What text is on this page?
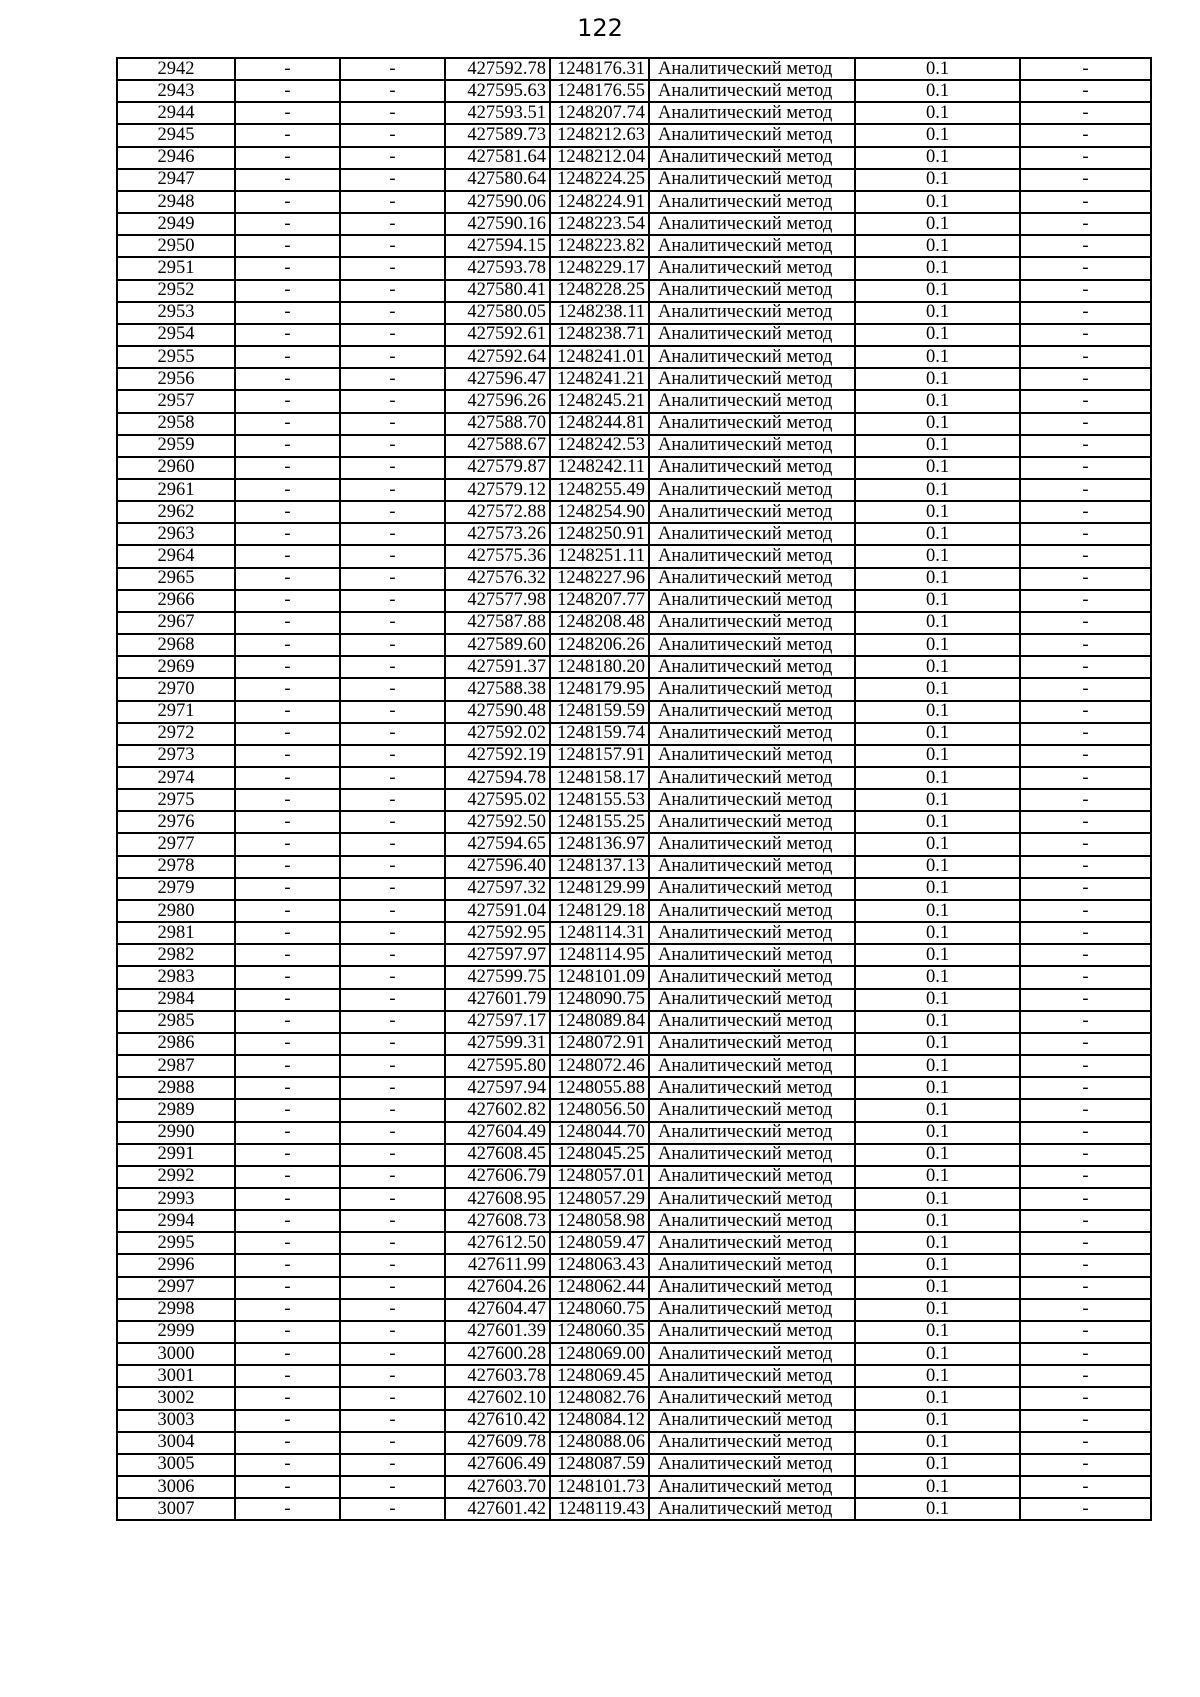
122
2942	-	-	427592.78	1248176.31	Аналитический метод	0.1	-
2943	-	-	427595.63	1248176.55	Аналитический метод	0.1	-
2944	-	-	427593.51	1248207.74	Аналитический метод	0.1	-
2945	-	-	427589.73	1248212.63	Аналитический метод	0.1	-
2946	-	-	427581.64	1248212.04	Аналитический метод	0.1	-
2947	-	-	427580.64	1248224.25	Аналитический метод	0.1	-
2948	-	-	427590.06	1248224.91	Аналитический метод	0.1	-
2949	-	-	427590.16	1248223.54	Аналитический метод	0.1	-
2950	-	-	427594.15	1248223.82	Аналитический метод	0.1	-
2951	-	-	427593.78	1248229.17	Аналитический метод	0.1	-
2952	-	-	427580.41	1248228.25	Аналитический метод	0.1	-
2953	-	-	427580.05	1248238.11	Аналитический метод	0.1	-
2954	-	-	427592.61	1248238.71	Аналитический метод	0.1	-
2955	-	-	427592.64	1248241.01	Аналитический метод	0.1	-
2956	-	-	427596.47	1248241.21	Аналитический метод	0.1	-
2957	-	-	427596.26	1248245.21	Аналитический метод	0.1	-
2958	-	-	427588.70	1248244.81	Аналитический метод	0.1	-
2959	-	-	427588.67	1248242.53	Аналитический метод	0.1	-
2960	-	-	427579.87	1248242.11	Аналитический метод	0.1	-
2961	-	-	427579.12	1248255.49	Аналитический метод	0.1	-
2962	-	-	427572.88	1248254.90	Аналитический метод	0.1	-
2963	-	-	427573.26	1248250.91	Аналитический метод	0.1	-
2964	-	-	427575.36	1248251.11	Аналитический метод	0.1	-
2965	-	-	427576.32	1248227.96	Аналитический метод	0.1	-
2966	-	-	427577.98	1248207.77	Аналитический метод	0.1	-
2967	-	-	427587.88	1248208.48	Аналитический метод	0.1	-
2968	-	-	427589.60	1248206.26	Аналитический метод	0.1	-
2969	-	-	427591.37	1248180.20	Аналитический метод	0.1	-
2970	-	-	427588.38	1248179.95	Аналитический метод	0.1	-
2971	-	-	427590.48	1248159.59	Аналитический метод	0.1	-
2972	-	-	427592.02	1248159.74	Аналитический метод	0.1	-
2973	-	-	427592.19	1248157.91	Аналитический метод	0.1	-
2974	-	-	427594.78	1248158.17	Аналитический метод	0.1	-
2975	-	-	427595.02	1248155.53	Аналитический метод	0.1	-
2976	-	-	427592.50	1248155.25	Аналитический метод	0.1	-
2977	-	-	427594.65	1248136.97	Аналитический метод	0.1	-
2978	-	-	427596.40	1248137.13	Аналитический метод	0.1	-
2979	-	-	427597.32	1248129.99	Аналитический метод	0.1	-
2980	-	-	427591.04	1248129.18	Аналитический метод	0.1	-
2981	-	-	427592.95	1248114.31	Аналитический метод	0.1	-
2982	-	-	427597.97	1248114.95	Аналитический метод	0.1	-
2983	-	-	427599.75	1248101.09	Аналитический метод	0.1	-
2984	-	-	427601.79	1248090.75	Аналитический метод	0.1	-
2985	-	-	427597.17	1248089.84	Аналитический метод	0.1	-
2986	-	-	427599.31	1248072.91	Аналитический метод	0.1	-
2987	-	-	427595.80	1248072.46	Аналитический метод	0.1	-
2988	-	-	427597.94	1248055.88	Аналитический метод	0.1	-
2989	-	-	427602.82	1248056.50	Аналитический метод	0.1	-
2990	-	-	427604.49	1248044.70	Аналитический метод	0.1	-
2991	-	-	427608.45	1248045.25	Аналитический метод	0.1	-
2992	-	-	427606.79	1248057.01	Аналитический метод	0.1	-
2993	-	-	427608.95	1248057.29	Аналитический метод	0.1	-
2994	-	-	427608.73	1248058.98	Аналитический метод	0.1	-
2995	-	-	427612.50	1248059.47	Аналитический метод	0.1	-
2996	-	-	427611.99	1248063.43	Аналитический метод	0.1	-
2997	-	-	427604.26	1248062.44	Аналитический метод	0.1	-
2998	-	-	427604.47	1248060.75	Аналитический метод	0.1	-
2999	-	-	427601.39	1248060.35	Аналитический метод	0.1	-
3000	-	-	427600.28	1248069.00	Аналитический метод	0.1	-
3001	-	-	427603.78	1248069.45	Аналитический метод	0.1	-
3002	-	-	427602.10	1248082.76	Аналитический метод	0.1	-
3003	-	-	427610.42	1248084.12	Аналитический метод	0.1	-
3004	-	-	427609.78	1248088.06	Аналитический метод	0.1	-
3005	-	-	427606.49	1248087.59	Аналитический метод	0.1	-
3006	-	-	427603.70	1248101.73	Аналитический метод	0.1	-
3007	-	-	427601.42	1248119.43	Аналитический метод	0.1	-
